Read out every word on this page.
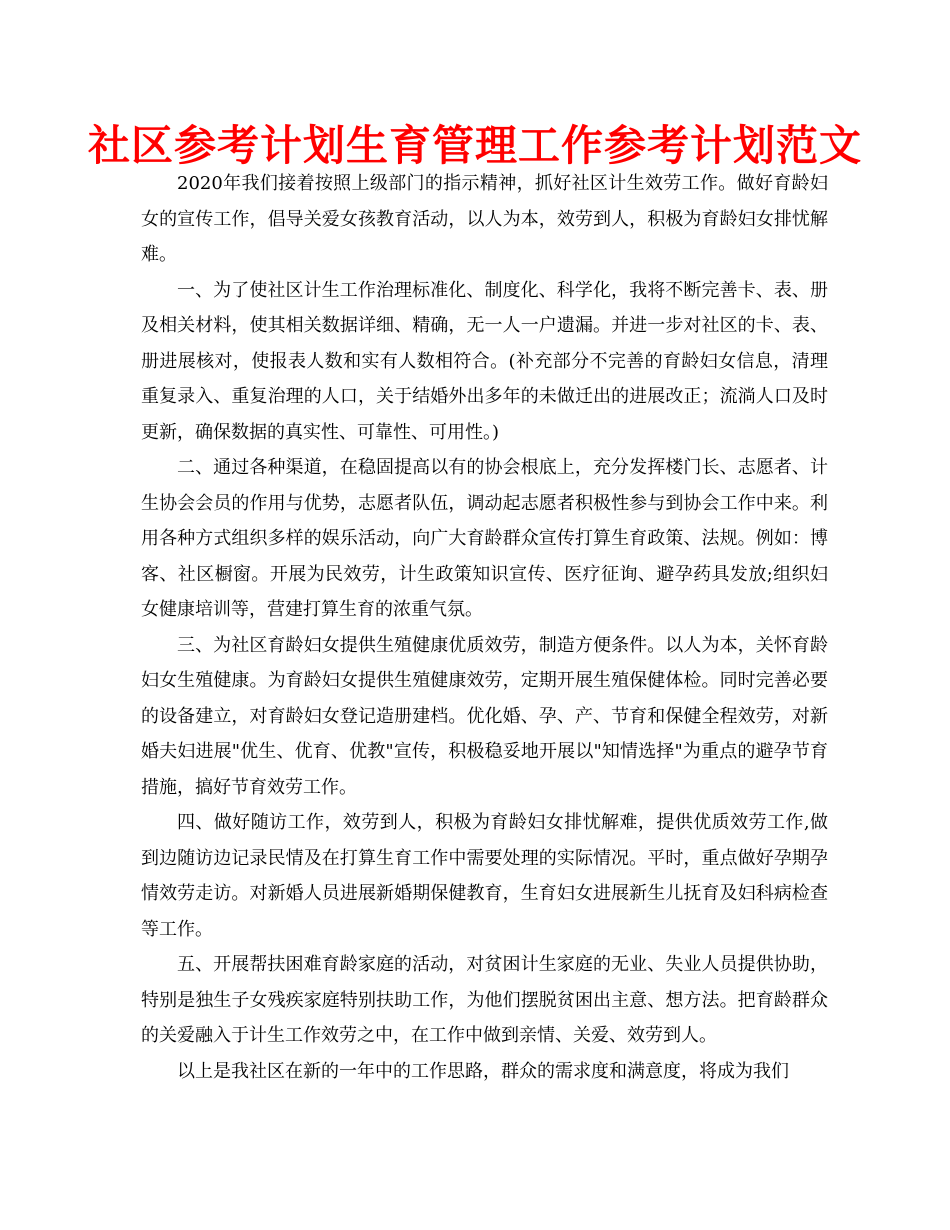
社区参考计划生育管理工作参考计划范文

2020年我们接着按照上级部门的指示精神，抓好社区计生效劳工作。做好育龄妇女的宣传工作，倡导关爱女孩教育活动，以人为本，效劳到人，积极为育龄妇女排忧解难。

一、为了使社区计生工作治理标准化、制度化、科学化，我将不断完善卡、表、册及相关材料，使其相关数据详细、精确，无一人一户遗漏。并进一步对社区的卡、表、册进展核对，使报表人数和实有人数相符合。(补充部分不完善的育龄妇女信息，清理重复录入、重复治理的人口，关于结婚外出多年的未做迁出的进展改正；流淌人口及时更新，确保数据的真实性、可靠性、可用性。)

二、通过各种渠道，在稳固提高以有的协会根底上，充分发挥楼门长、志愿者、计生协会会员的作用与优势，志愿者队伍，调动起志愿者积极性参与到协会工作中来。利用各种方式组织多样的娱乐活动，向广大育龄群众宣传打算生育政策、法规。例如：博客、社区橱窗。开展为民效劳，计生政策知识宣传、医疗征询、避孕药具发放;组织妇女健康培训等，营建打算生育的浓重气氛。

三、为社区育龄妇女提供生殖健康优质效劳，制造方便条件。以人为本，关怀育龄妇女生殖健康。为育龄妇女提供生殖健康效劳，定期开展生殖保健体检。同时完善必要的设备建立，对育龄妇女登记造册建档。优化婚、孕、产、节育和保健全程效劳，对新婚夫妇进展"优生、优育、优教"宣传，积极稳妥地开展以"知情选择"为重点的避孕节育措施，搞好节育效劳工作。

四、做好随访工作，效劳到人，积极为育龄妇女排忧解难，提供优质效劳工作,做到边随访边记录民情及在打算生育工作中需要处理的实际情况。平时，重点做好孕期孕情效劳走访。对新婚人员进展新婚期保健教育，生育妇女进展新生儿抚育及妇科病检查等工作。

五、开展帮扶困难育龄家庭的活动，对贫困计生家庭的无业、失业人员提供协助，特别是独生子女残疾家庭特别扶助工作，为他们摆脱贫困出主意、想方法。把育龄群众的关爱融入于计生工作效劳之中，在工作中做到亲情、关爱、效劳到人。

以上是我社区在新的一年中的工作思路，群众的需求度和满意度，将成为我们
